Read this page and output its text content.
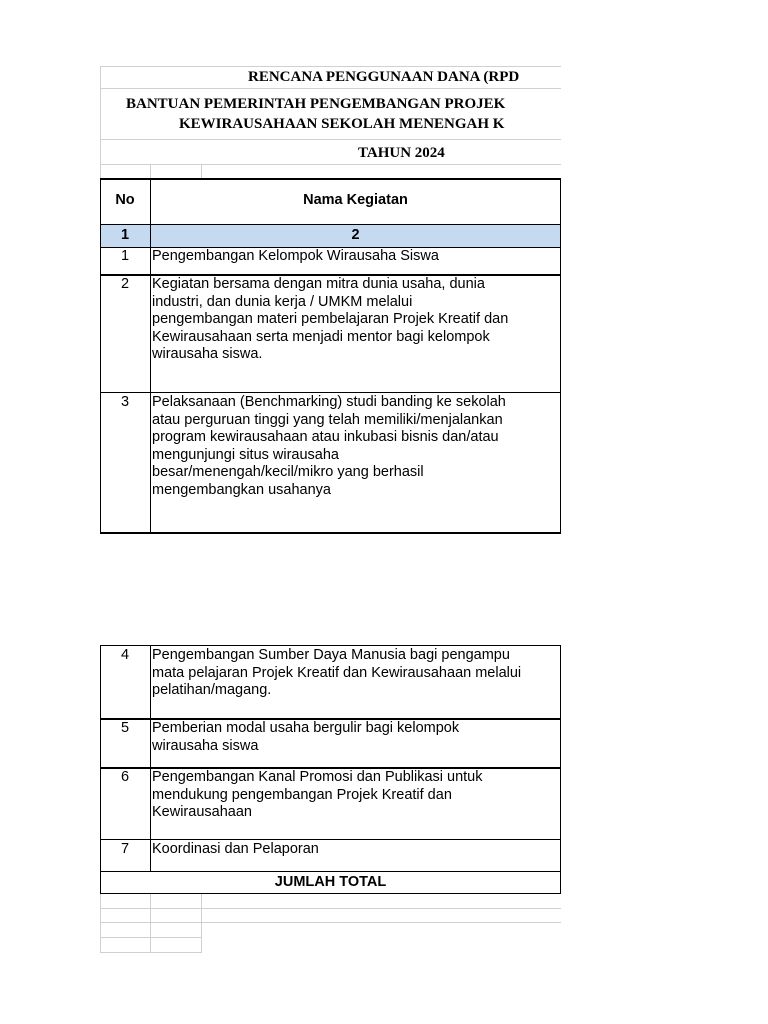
RENCANA PENGGUNAAN DANA (RPD
BANTUAN PEMERINTAH PENGEMBANGAN PROJEK
KEWIRAUSAHAAN SEKOLAH MENENGAH K
TAHUN 2024
No	Nama Kegiatan
1	2
1	Pengembangan Kelompok Wirausaha Siswa
2	Kegiatan bersama dengan mitra dunia usaha, dunia
industri, dan dunia kerja / UMKM melalui
pengembangan materi pembelajaran Projek Kreatif dan
Kewirausahaan serta menjadi mentor bagi kelompok
wirausaha siswa.
3	Pelaksanaan (Benchmarking) studi banding ke sekolah
atau perguruan tinggi yang telah memiliki/menjalankan
program kewirausahaan atau inkubasi bisnis dan/atau
mengunjungi situs wirausaha
besar/menengah/kecil/mikro yang berhasil
mengembangkan usahanya
4	Pengembangan Sumber Daya Manusia bagi pengampu
mata pelajaran Projek Kreatif dan Kewirausahaan melalui
pelatihan/magang.
5	Pemberian modal usaha bergulir bagi kelompok
wirausaha siswa
6	Pengembangan Kanal Promosi dan Publikasi untuk
mendukung pengembangan Projek Kreatif dan
Kewirausahaan
7	Koordinasi dan Pelaporan
JUMLAH TOTAL
